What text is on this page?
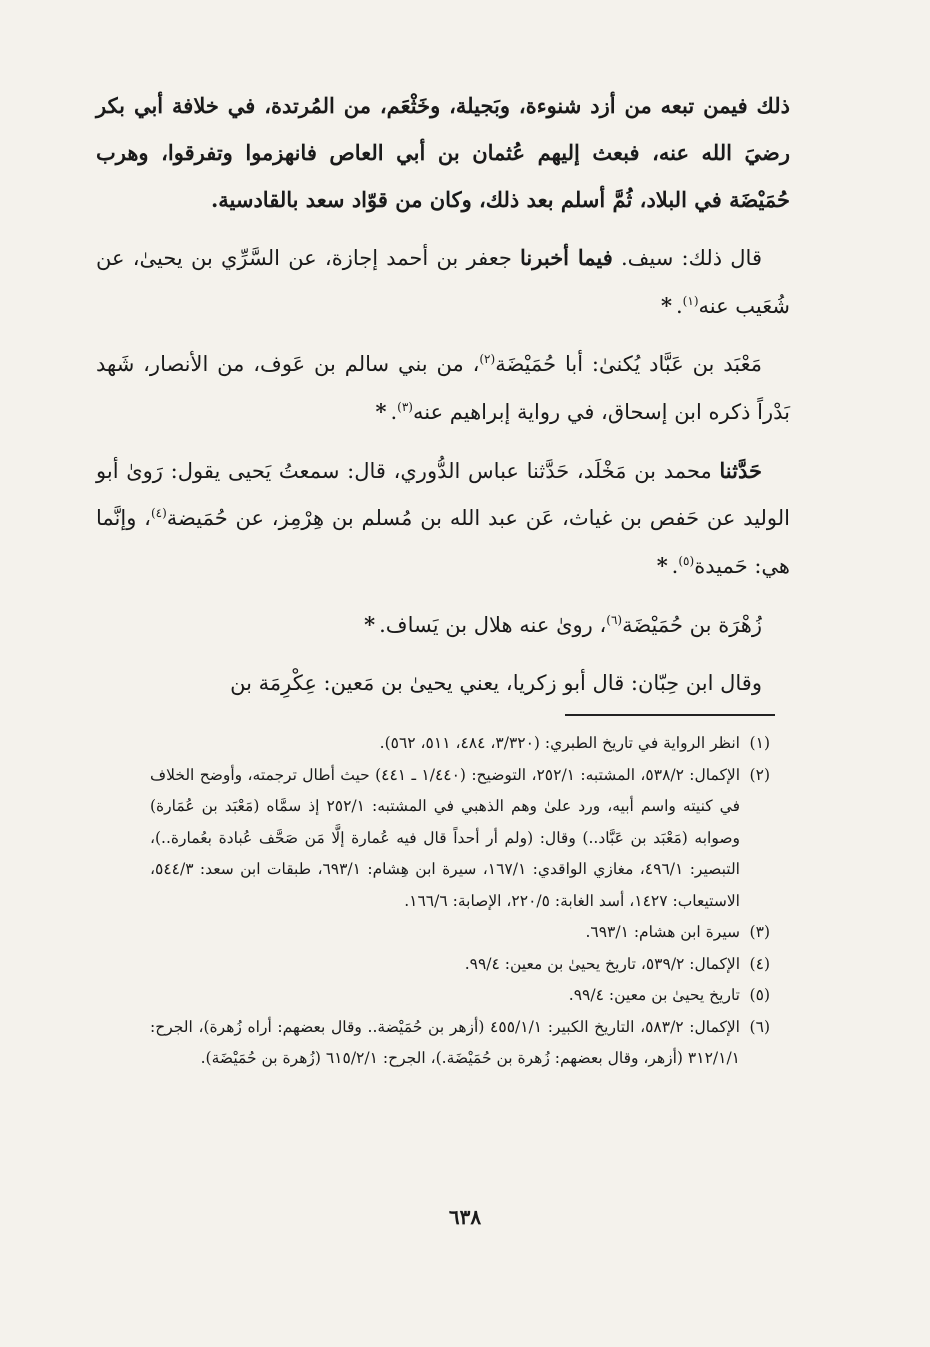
ذلك فيمن تبعه من أزد شنوءة، وبَجيلة، وخَثْعَم، من المُرتدة، في خلافة أبي بكر رضيَ الله عنه، فبعث إليهم عُثمان بن أبي العاص فانهزموا وتفرقوا، وهرب حُمَيْضَة في البلاد، ثُمَّ أسلم بعد ذلك، وكان من قوّاد سعد بالقادسية.

قال ذلك: سيف. فيما أخبرنا جعفر بن أحمد إجازة، عن السَّرِّي بن يحيىٰ، عن شُعَيب عنه$^{(١)}$.*

مَعْبَد بن عَبَّاد يُكنىٰ: أبا حُمَيْضَة$^{(٢)}$، من بني سالم بن عَوف، من الأنصار، شَهد بَدْراً ذكره ابن إسحاق، في رواية إبراهيم عنه$^{(٣)}$.*

حَدَّثنا محمد بن مَخْلَد، حَدَّثنا عباس الدُّوري، قال: سمعتُ يَحيى يقول: رَوىٰ أبو الوليد عن حَفص بن غياث، عَن عبد الله بن مُسلم بن هِرْمِز، عن حُمَيضة$^{(٤)}$، وإنَّما هي: حَميدة$^{(٥)}$.*

زُهْرَة بن حُمَيْضَة$^{(٦)}$، روىٰ عنه هلال بن يَساف.*

وقال ابن حِبّان: قال أبو زكريا، يعني يحيىٰ بن مَعين: عِكْرِمَة بن

(١)
انظر الرواية في تاريخ الطبري: (٣/٣٢٠، ٤٨٤، ٥١١، ٥٦٢).

(٢)
الإكمال: ٥٣٨/٢، المشتبه: ٢٥٢/١، التوضيح: (١/٤٤٠ ـ ٤٤١) حيث أطال ترجمته، وأوضح الخلاف في كنيته واسم أبيه، ورد علىٰ وهم الذهبي في المشتبه: ٢٥٢/١ إذ سمَّاه (مَعْبَد بن عُمَارة) وصوابه (مَعْبَد بن عَبَّاد..) وقال: (ولم أر أحداً قال فيه عُمارة إلَّا مَن صَحَّف عُبادة بعُمارة..)، التبصير: ٤٩٦/١، مغازي الواقدي: ١٦٧/١، سيرة ابن هِشام: ٦٩٣/١، طبقات ابن سعد: ٥٤٤/٣، الاستيعاب: ١٤٢٧، أسد الغابة: ٢٢٠/٥، الإصابة: ١٦٦/٦.

(٣)
سيرة ابن هشام: ٦٩٣/١.

(٤)
الإكمال: ٥٣٩/٢، تاريخ يحيىٰ بن معين: ٩٩/٤.

(٥)
تاريخ يحيىٰ بن معين: ٩٩/٤.

(٦)
الإكمال: ٥٨٣/٢، التاريخ الكبير: ٤٥٥/١/١ (أزهر بن حُمَيْضة.. وقال بعضهم: أراه زُهرة)، الجرح: ٣١٢/١/١ (أزهر، وقال بعضهم: زُهرة بن حُمَيْضَة.)، الجرح: ٦١٥/٢/١ (زُهرة بن حُمَيْضَة).

٦٣٨
